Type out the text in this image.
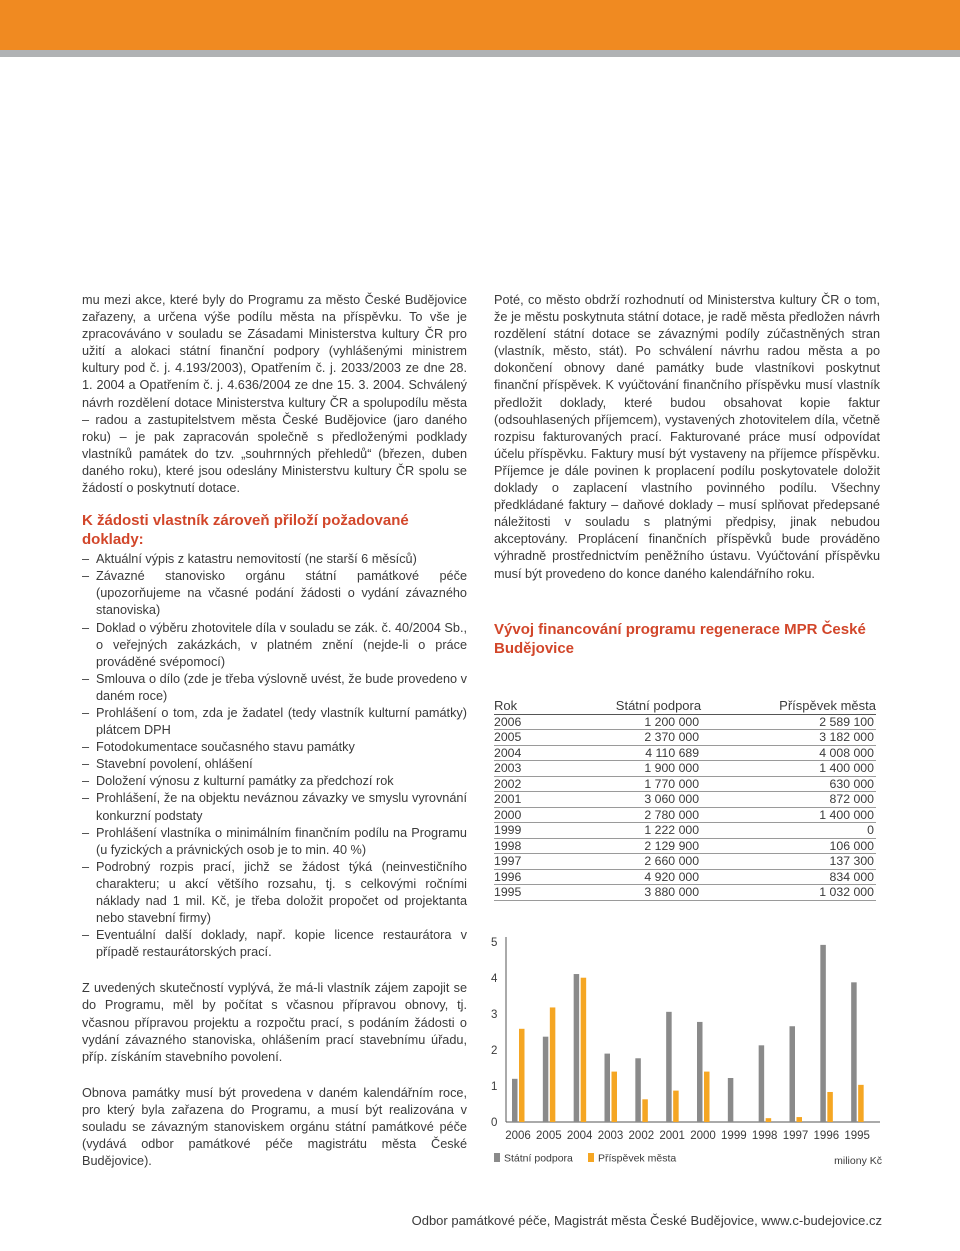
mu mezi akce, které byly do Programu za město České Budějovice zařazeny, a určena výše podílu města na příspěvku. To vše je zpracováváno v souladu se Zásadami Ministerstva kultury ČR pro užití a alokaci státní finanční podpory (vyhlášenými ministrem kultury pod č. j. 4.193/2003), Opatřením č. j. 2033/2003 ze dne 28. 1. 2004 a Opatřením č. j. 4.636/2004 ze dne 15. 3. 2004. Schválený návrh rozdělení dotace Ministerstva kultury ČR a spolupodílu města – radou a zastupitelstvem města České Budějovice (jaro daného roku) – je pak zapracován společně s předloženými podklady vlastníků památek do tzv. „souhrnných přehledů“ (březen, duben daného roku), které jsou odeslány Ministerstvu kultury ČR spolu se žádostí o poskytnutí dotace.

K žádosti vlastník zároveň přiloží požadované doklady:
– Aktuální výpis z katastru nemovitostí (ne starší 6 měsíců)
– Závazné stanovisko orgánu státní památkové péče (upozorňujeme na včasné podání žádosti o vydání závazného stanoviska)
– Doklad o výběru zhotovitele díla v souladu se zák. č. 40/2004 Sb., o veřejných zakázkách, v platném znění (nejde-li o práce prováděné svépomocí)
– Smlouva o dílo (zde je třeba výslovně uvést, že bude provedeno v daném roce)
– Prohlášení o tom, zda je žadatel (tedy vlastník kulturní památky) plátcem DPH
– Fotodokumentace současného stavu památky
– Stavební povolení, ohlášení
– Doložení výnosu z kulturní památky za předchozí rok
– Prohlášení, že na objektu neváznou závazky ve smyslu vyrovnání konkurzní podstaty
– Prohlášení vlastníka o minimálním finančním podílu na Programu (u fyzických a právnických osob je to min. 40 %)
– Podrobný rozpis prací, jichž se žádost týká (neinvestičního charakteru; u akcí většího rozsahu, tj. s celkovými ročními náklady nad 1 mil. Kč, je třeba doložit propočet od projektanta nebo stavební firmy)
– Eventuální další doklady, např. kopie licence restaurátora v případě restaurátorských prací.

Z uvedených skutečností vyplývá, že má-li vlastník zájem zapojit se do Programu, měl by počítat s včasnou přípravou obnovy, tj. včasnou přípravou projektu a rozpočtu prací, s podáním žádosti o vydání závazného stanoviska, ohlášením prací stavebnímu úřadu, příp. získáním stavebního povolení.

Obnova památky musí být provedena v daném kalendářním roce, pro který byla zařazena do Programu, a musí být realizována v souladu se závazným stanoviskem orgánu státní památkové péče (vydává odbor památkové péče magistrátu města České Budějovice).

Poté, co město obdrží rozhodnutí od Ministerstva kultury ČR o tom, že je městu poskytnuta státní dotace, je radě města předložen návrh rozdělení státní dotace se závaznými podíly zúčastněných stran (vlastník, město, stát). Po schválení návrhu radou města a po dokončení obnovy dané památky bude vlastníkovi poskytnut finanční příspěvek. K vyúčtování finančního příspěvku musí vlastník předložit doklady, které budou obsahovat kopie faktur (odsouhlasených příjemcem), vystavených zhotovitelem díla, včetně rozpisu fakturovaných prací. Fakturované práce musí odpovídat účelu příspěvku. Faktury musí být vystaveny na příjemce příspěvku. Příjemce je dále povinen k proplacení podílu poskytovatele doložit doklady o zaplacení vlastního povinného podílu. Všechny předkládané faktury – daňové doklady – musí splňovat předepsané náležitosti v souladu s platnými předpisy, jinak nebudou akceptovány. Proplácení finančních příspěvků bude prováděno výhradně prostřednictvím peněžního ústavu. Vyúčtování příspěvku musí být provedeno do konce daného kalendářního roku.

Vývoj financování programu regenerace MPR České Budějovice
Rok	Státní podpora	Příspěvek města
2006	1 200 000	2 589 100
2005	2 370 000	3 182 000
2004	4 110 689	4 008 000
2003	1 900 000	1 400 000
2002	1 770 000	630 000
2001	3 060 000	872 000
2000	2 780 000	1 400 000
1999	1 222 000	0
1998	2 129 900	106 000
1997	2 660 000	137 300
1996	4 920 000	834 000
1995	3 880 000	1 032 000
0
1
2
3
4
5
2006 2005 2004 2003 2002 2001 2000 1999 1998 1997 1996 1995
Státní podpora Příspěvek města	miliony Kč
Odbor památkové péče, Magistrát města České Budějovice, www.c-budejovice.cz
